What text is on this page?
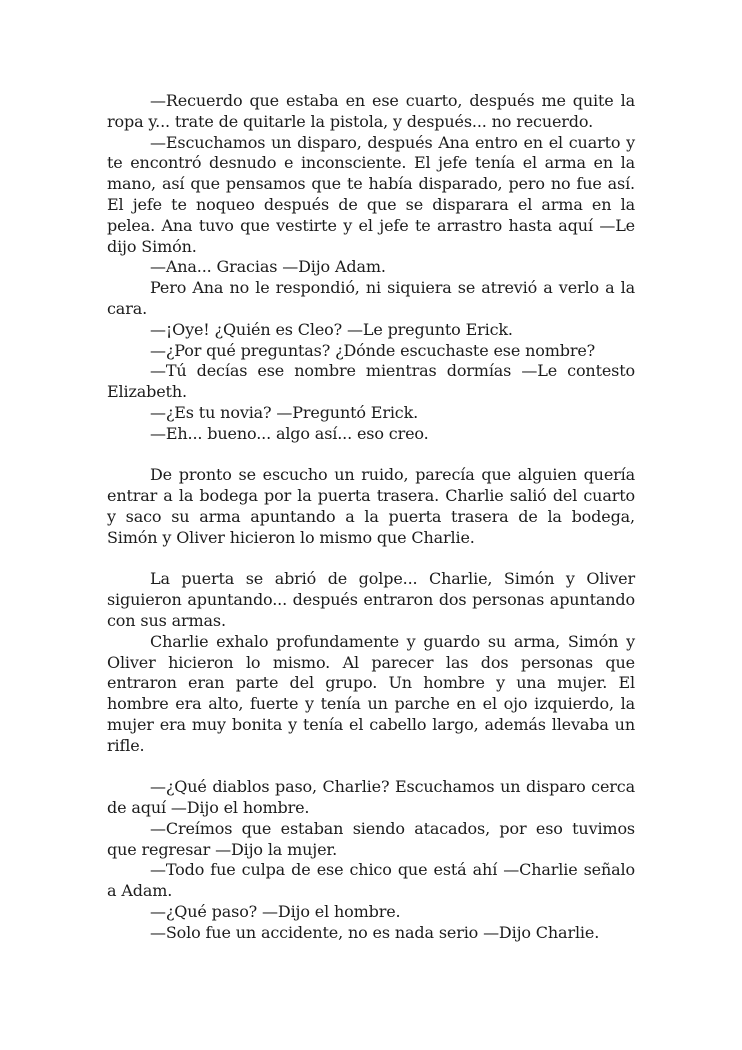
—Recuerdo que estaba en ese cuarto, después me quite la ropa y... trate de quitarle la pistola, y después... no recuerdo.

—Escuchamos un disparo, después Ana entro en el cuarto y te encontró desnudo e inconsciente. El jefe tenía el arma en la mano, así que pensamos que te había disparado, pero no fue así. El jefe te noqueo después de que se disparara el arma en la pelea. Ana tuvo que vestirte y el jefe te arrastro hasta aquí —Le dijo Simón.

—Ana... Gracias —Dijo Adam.

Pero Ana no le respondió, ni siquiera se atrevió a verlo a la cara.

—¡Oye! ¿Quién es Cleo? —Le pregunto Erick.

—¿Por qué preguntas? ¿Dónde escuchaste ese nombre?

—Tú decías ese nombre mientras dormías —Le contesto Elizabeth.

—¿Es tu novia? —Preguntó Erick.

—Eh... bueno... algo así... eso creo.

De pronto se escucho un ruido, parecía que alguien quería entrar a la bodega por la puerta trasera. Charlie salió del cuarto y saco su arma apuntando a la puerta trasera de la bodega, Simón y Oliver hicieron lo mismo que Charlie.

La puerta se abrió de golpe... Charlie, Simón y Oliver siguieron apuntando... después entraron dos personas apuntando con sus armas.

Charlie exhalo profundamente y guardo su arma, Simón y Oliver hicieron lo mismo. Al parecer las dos personas que entraron eran parte del grupo. Un hombre y una mujer. El hombre era alto, fuerte y tenía un parche en el ojo izquierdo, la mujer era muy bonita y tenía el cabello largo, además llevaba un rifle.

—¿Qué diablos paso, Charlie? Escuchamos un disparo cerca de aquí —Dijo el hombre.

—Creímos que estaban siendo atacados, por eso tuvimos que regresar —Dijo la mujer.

—Todo fue culpa de ese chico que está ahí —Charlie señalo a Adam.

—¿Qué paso? —Dijo el hombre.

—Solo fue un accidente, no es nada serio —Dijo Charlie.
